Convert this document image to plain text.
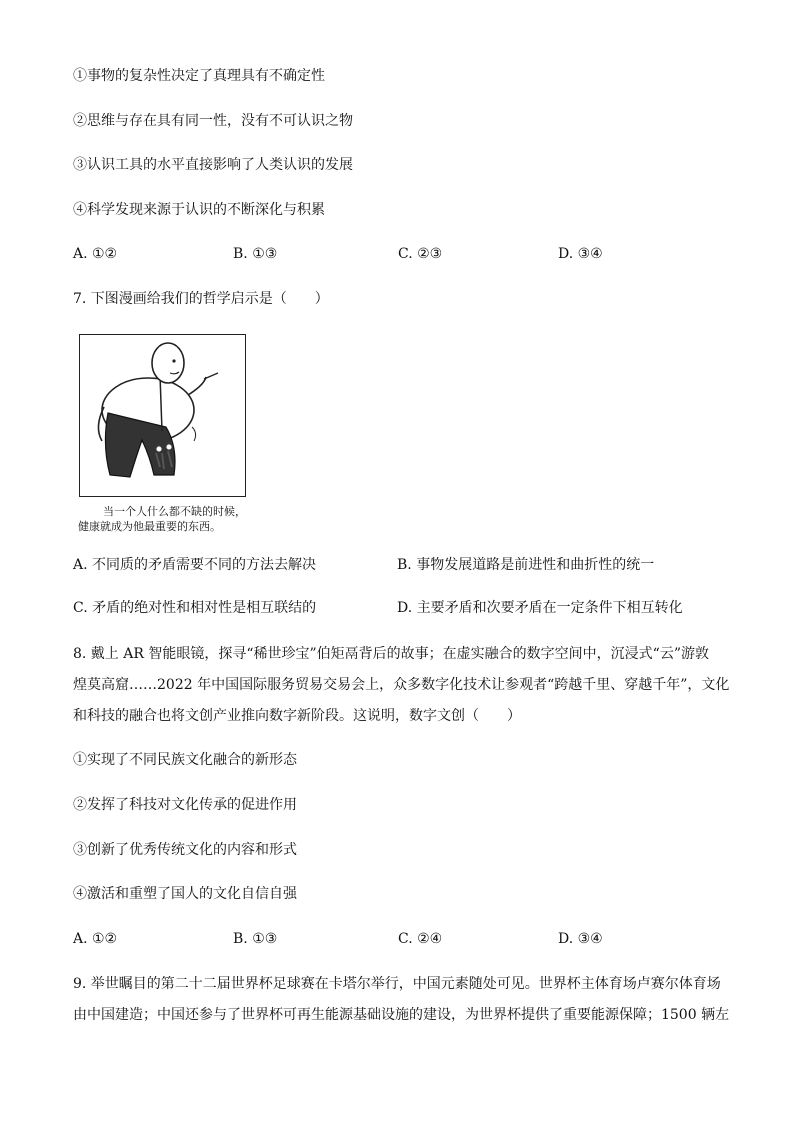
①事物的复杂性决定了真理具有不确定性
②思维与存在具有同一性，没有不可认识之物
③认识工具的水平直接影响了人类认识的发展
④科学发现来源于认识的不断深化与积累
A. ①②	B. ①③	C. ②③	D. ③④
7. 下图漫画给我们的哲学启示是（　　）
当一个人什么都不缺的时候，
健康就成为他最重要的东西。
A. 不同质的矛盾需要不同的方法去解决	B. 事物发展道路是前进性和曲折性的统一
C. 矛盾的绝对性和相对性是相互联结的	D. 主要矛盾和次要矛盾在一定条件下相互转化
8. 戴上 AR 智能眼镜，探寻“稀世珍宝”伯矩鬲背后的故事；在虚实融合的数字空间中，沉浸式“云”游敦
煌莫高窟……2022 年中国国际服务贸易交易会上，众多数字化技术让参观者“跨越千里、穿越千年”，文化
和科技的融合也将文创产业推向数字新阶段。这说明，数字文创（　　）
①实现了不同民族文化融合的新形态
②发挥了科技对文化传承的促进作用
③创新了优秀传统文化的内容和形式
④激活和重塑了国人的文化自信自强
A. ①②	B. ①③	C. ②④	D. ③④
9. 举世瞩目的第二十二届世界杯足球赛在卡塔尔举行，中国元素随处可见。世界杯主体育场卢赛尔体育场
由中国建造；中国还参与了世界杯可再生能源基础设施的建设，为世界杯提供了重要能源保障；1500 辆左
